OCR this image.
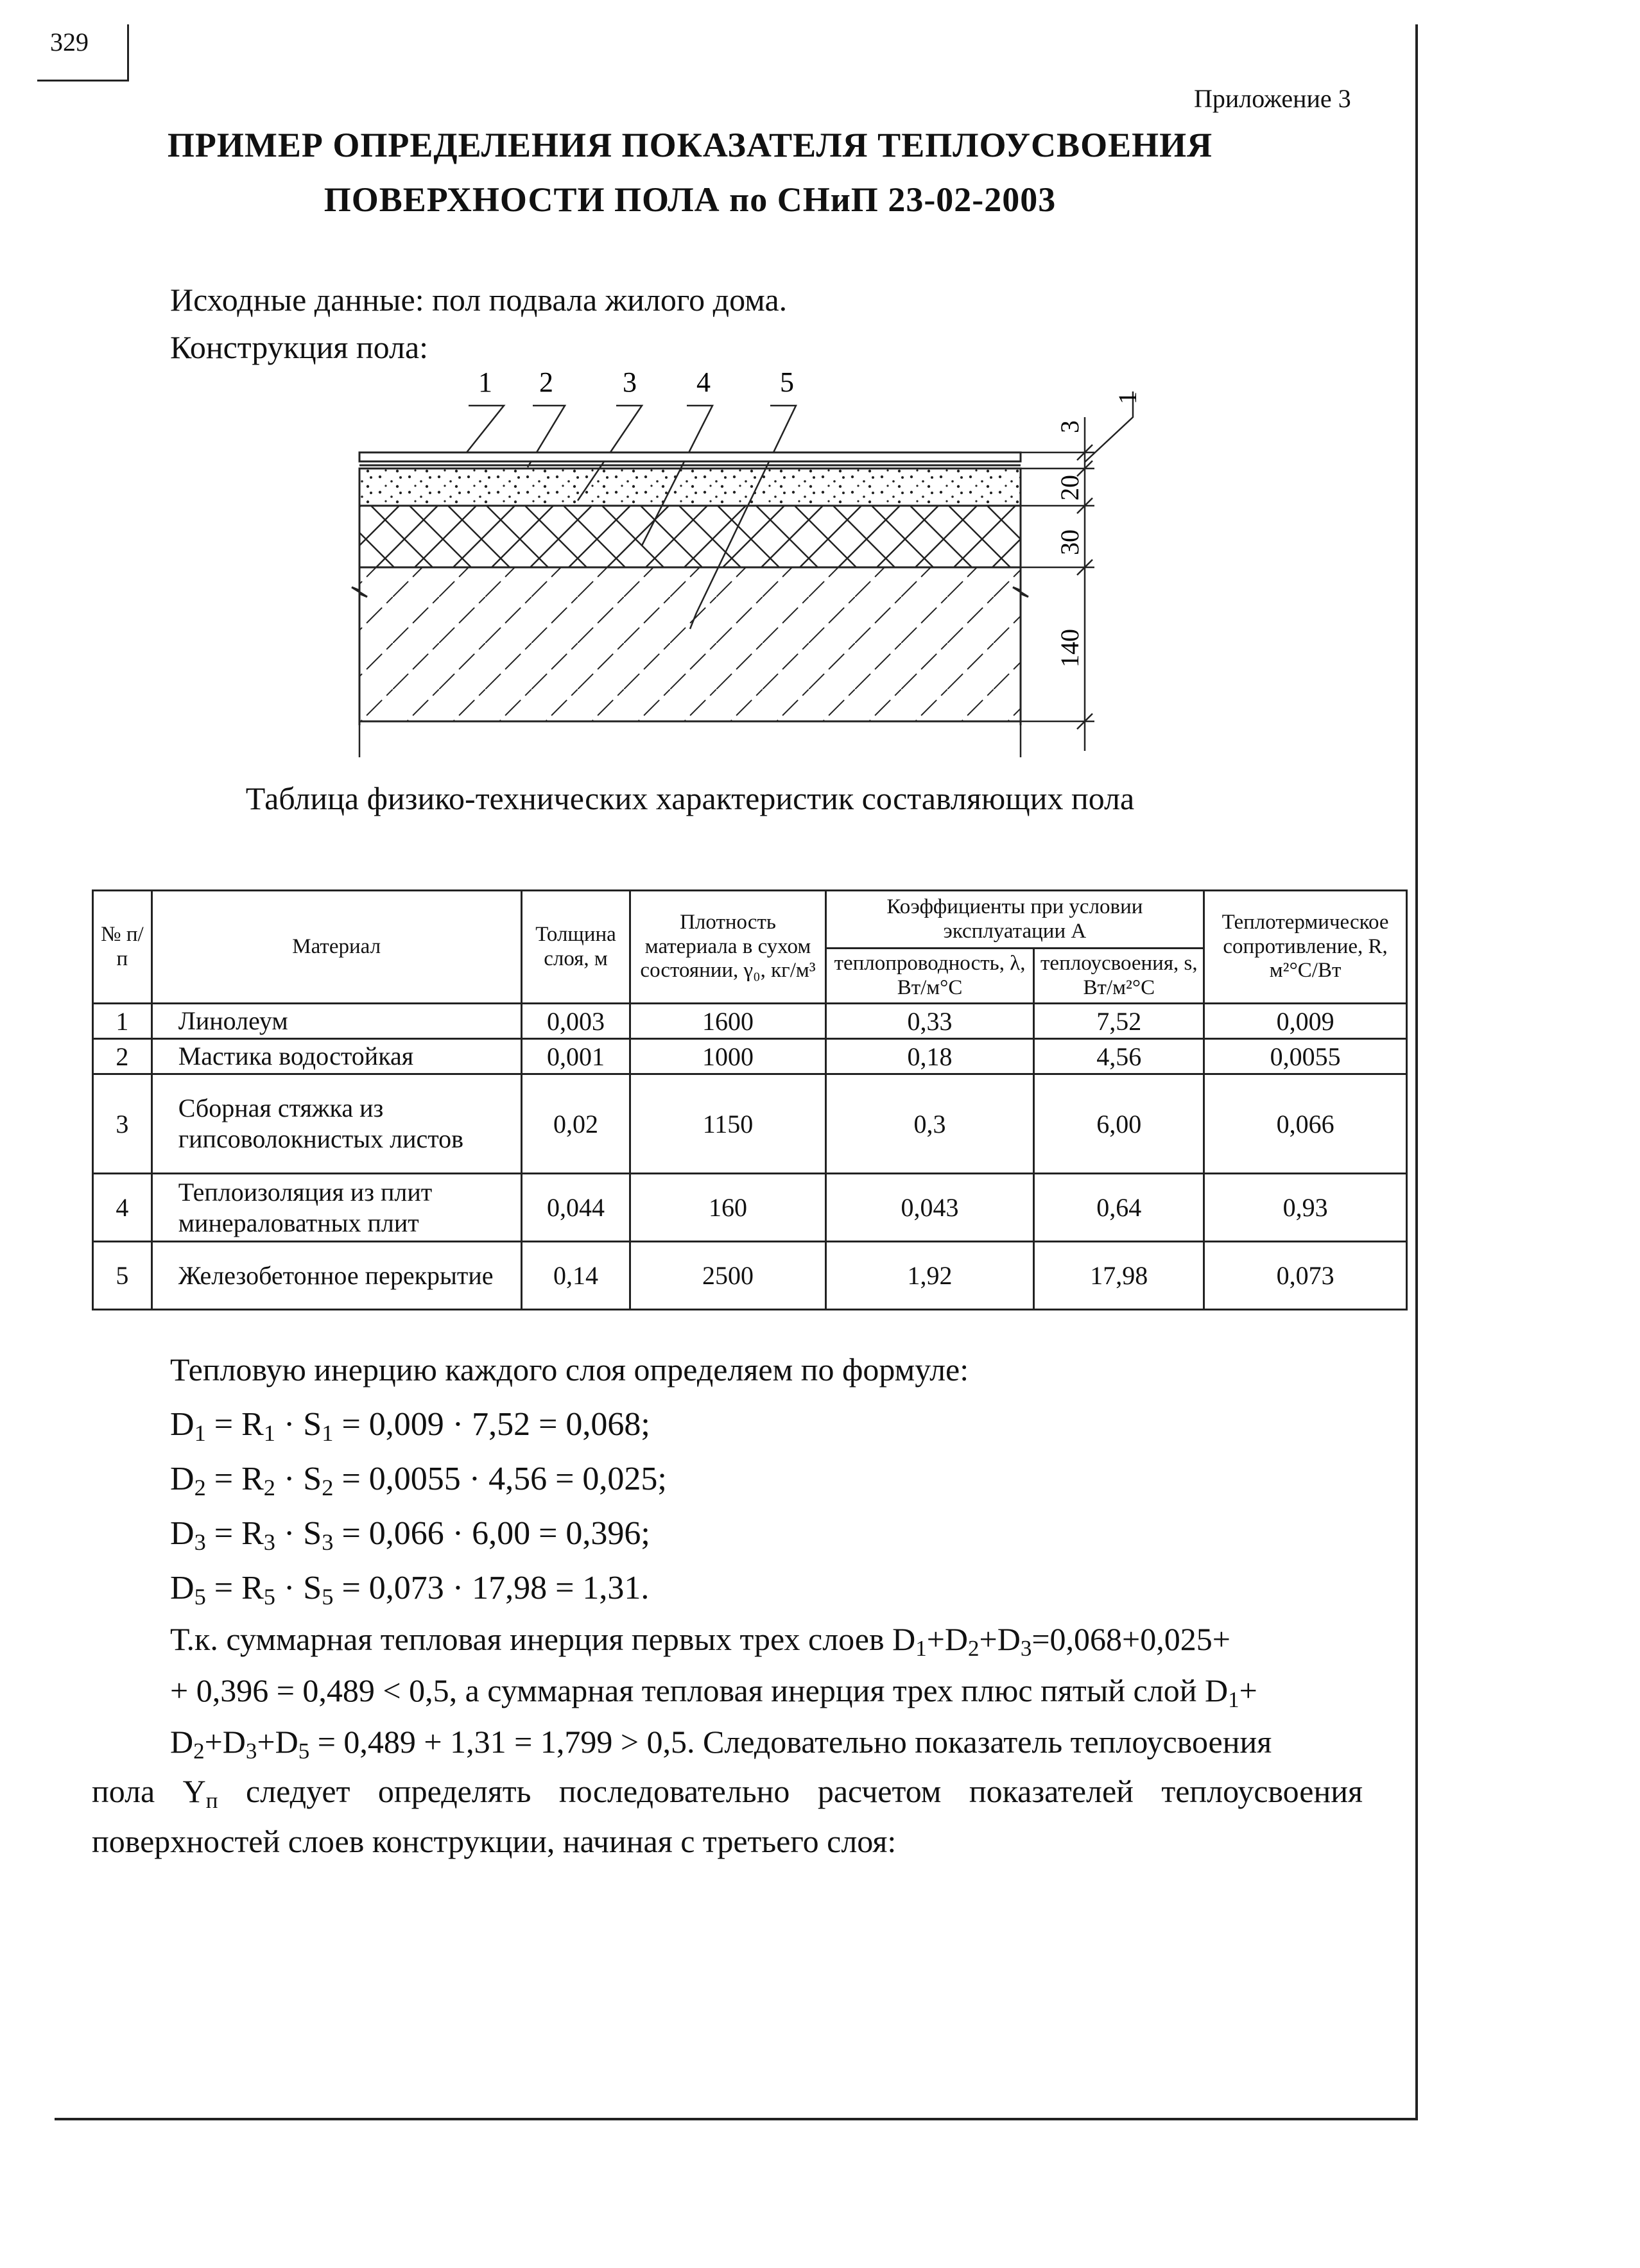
329
Приложение 3
ПРИМЕР ОПРЕДЕЛЕНИЯ ПОКАЗАТЕЛЯ ТЕПЛОУСВОЕНИЯ
ПОВЕРХНОСТИ ПОЛА по СНиП 23-02-2003
Исходные данные: пол подвала жилого дома.
Конструкция пола:
1 2 3 4 5
3
20
30
140
1
Таблица физико-технических характеристик составляющих пола
№ п/п	Материал	Толщина слоя, м	Плотность материала в сухом состоянии, γ₀, кг/м³	Коэффициенты при условии эксплуатации А		Теплотермическое сопротивление, R, м²°С/Вт
				теплопроводность, λ, Вт/м°С	теплоусвоения, s, Вт/м²°С	
1	Линолеум	0,003	1600	0,33	7,52	0,009
2	Мастика водостойкая	0,001	1000	0,18	4,56	0,0055
3	Сборная стяжка из гипсоволокнистых листов	0,02	1150	0,3	6,00	0,066
4	Теплоизоляция из плит минераловатных плит	0,044	160	0,043	0,64	0,93
5	Железобетонное перекрытие	0,14	2500	1,92	17,98	0,073
Тепловую инерцию каждого слоя определяем по формуле:
$D_1 = R_1 \cdot S_1 = 0,009 \cdot 7,52 = 0,068$;
$D_2 = R_2 \cdot S_2 = 0,0055 \cdot 4,56 = 0,025$;
$D_3 = R_3 \cdot S_3 = 0,066 \cdot 6,00 = 0,396$;
$D_5 = R_5 \cdot S_5 = 0,073 \cdot 17,98 = 1,31$.
Т.к. суммарная тепловая инерция первых трех слоев $D_1+D_2+D_3=0,068+0,025+$
+ 0,396 = 0,489 < 0,5, а суммарная тепловая инерция трех плюс пятый слой $D_1+$
$D_2+D_3+D_5 = 0,489 + 1,31 = 1,799 > 0,5$. Следовательно показатель теплоусвоения
пола $Y_п$ следует определять последовательно расчетом показателей теплоусвоения
поверхностей слоев конструкции, начиная с третьего слоя:
